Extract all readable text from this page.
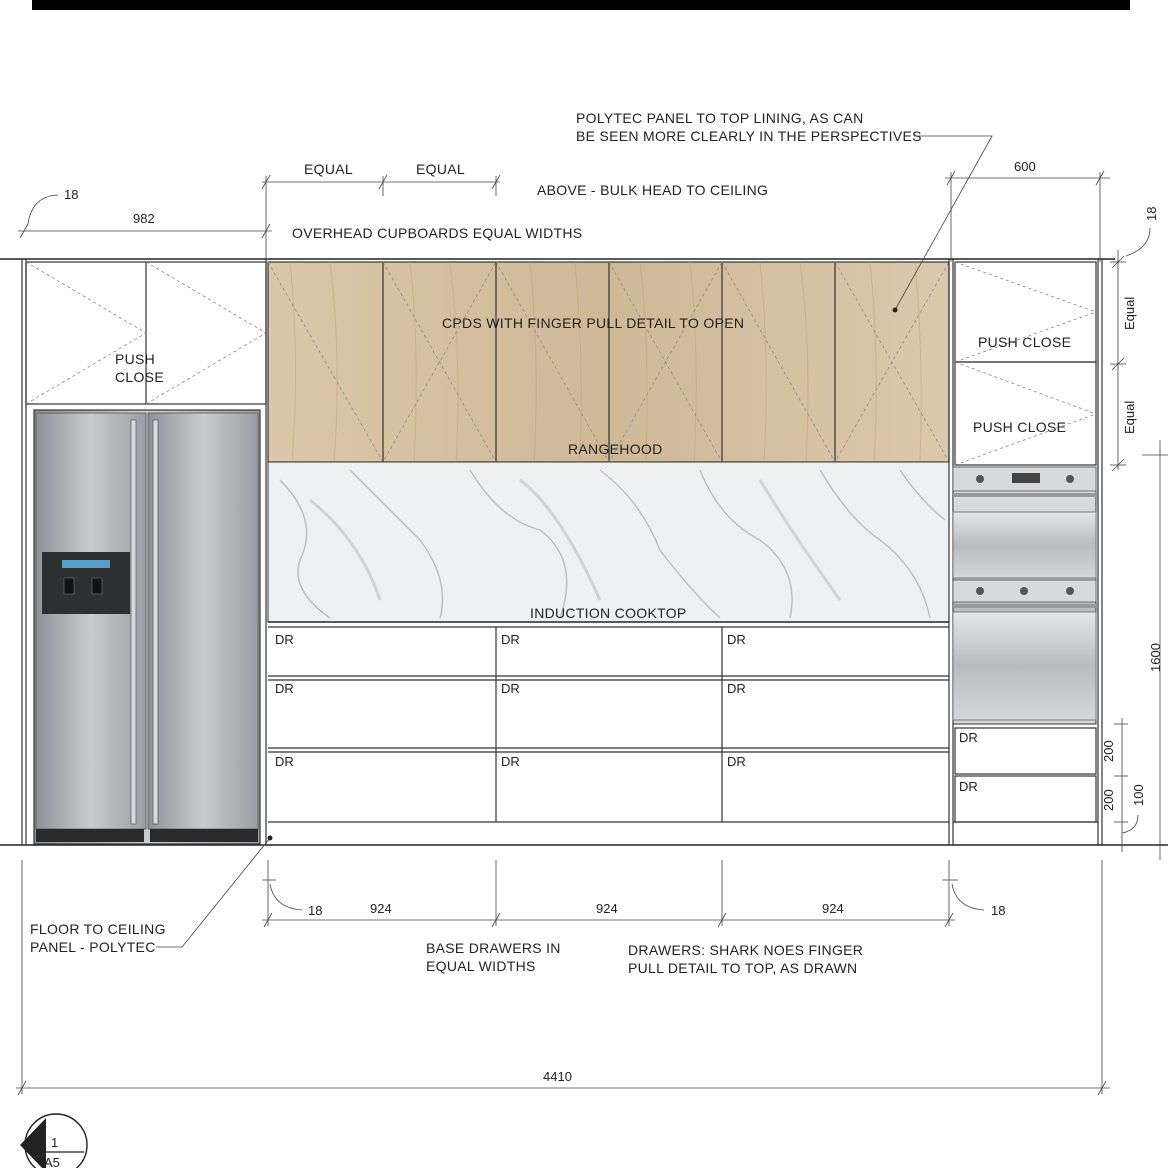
PUSH
CLOSE
CPDS WITH FINGER PULL DETAIL TO OPEN
RANGEHOOD
INDUCTION COOKTOP
DR	DR	DR
DR	DR	DR
DR	DR	DR
PUSH CLOSE
PUSH CLOSE
DR
DR
982
18
EQUAL	EQUAL
ABOVE - BULK HEAD TO CEILING
OVERHEAD CUPBOARDS EQUAL WIDTHS
POLYTEC PANEL TO TOP LINING, AS CAN
BE SEEN MORE CLEARLY IN THE PERSPECTIVES
600
18
Equal
Equal
1600
200
200 100
18	924	924	924	18
FLOOR TO CEILING
PANEL - POLYTEC	BASE DRAWERS IN
EQUAL WIDTHS
DRAWERS: SHARK NOES FINGER
PULL DETAIL TO TOP, AS DRAWN
4410
1
A5
